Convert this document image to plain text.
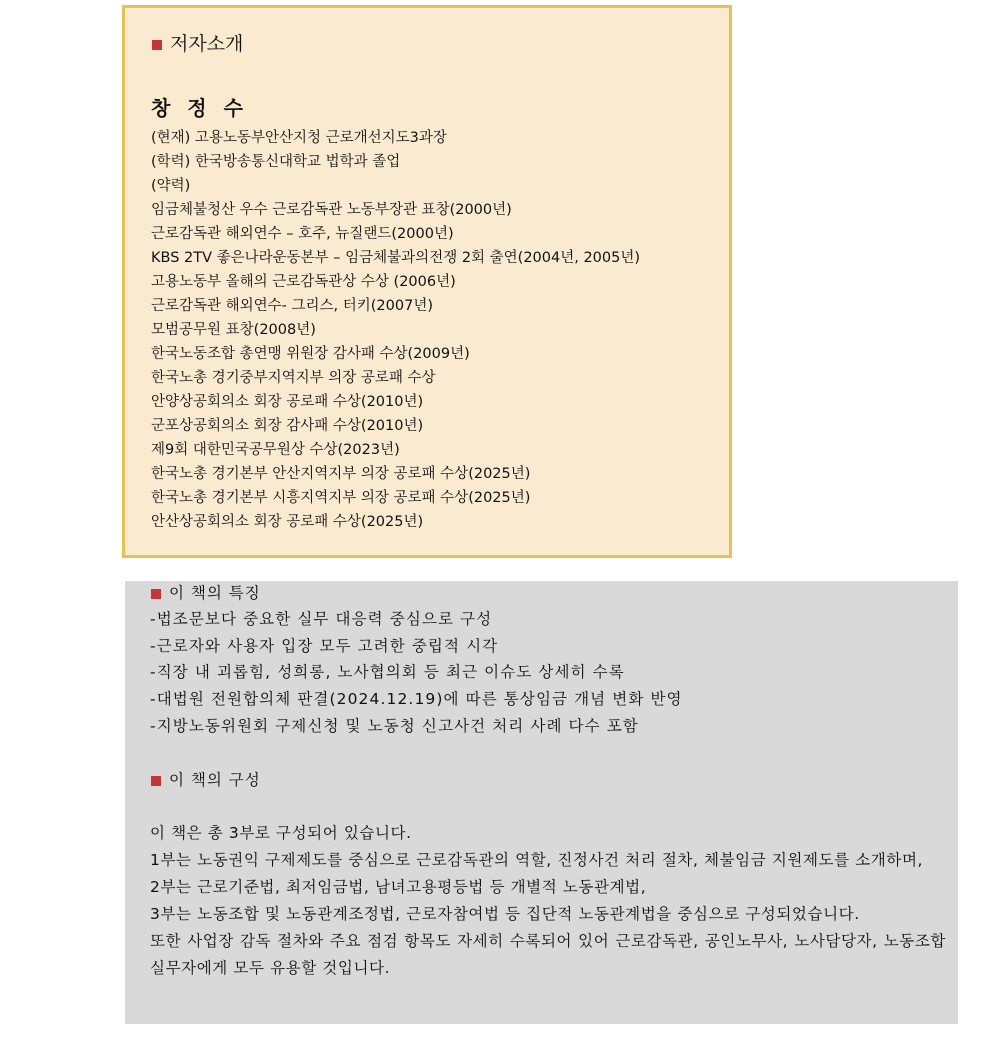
저자소개
창 정 수
(현재) 고용노동부안산지청 근로개선지도3과장
(학력) 한국방송통신대학교 법학과 졸업
(약력)
임금체불청산 우수 근로감독관 노동부장관 표창(2000년)
근로감독관 해외연수 – 호주, 뉴질랜드(2000년)
KBS 2TV 좋은나라운동본부 – 임금체불과의전쟁 2회 출연(2004년, 2005년)
고용노동부 올해의 근로감독관상 수상 (2006년)
근로감독관 해외연수- 그리스, 터키(2007년)
모범공무원 표창(2008년)
한국노동조합 총연맹 위원장 감사패 수상(2009년)
한국노총 경기중부지역지부 의장 공로패 수상
안양상공회의소 회장 공로패 수상(2010년)
군포상공회의소 회장 감사패 수상(2010년)
제9회 대한민국공무원상 수상(2023년)
한국노총 경기본부 안산지역지부 의장 공로패 수상(2025년)
한국노총 경기본부 시흥지역지부 의장 공로패 수상(2025년)
안산상공회의소 회장 공로패 수상(2025년)
이 책의 특징
-법조문보다 중요한 실무 대응력 중심으로 구성
-근로자와 사용자 입장 모두 고려한 중립적 시각
-직장 내 괴롭힘, 성희롱, 노사협의회 등 최근 이슈도 상세히 수록
-대법원 전원합의체 판결(2024.12.19)에 따른 통상임금 개념 변화 반영
-지방노동위원회 구제신청 및 노동청 신고사건 처리 사례 다수 포함
이 책의 구성

이 책은 총 3부로 구성되어 있습니다.

1부는 노동권익 구제제도를 중심으로 근로감독관의 역할, 진정사건 처리 절차, 체불임금 지원제도를 소개하며,

2부는 근로기준법, 최저임금법, 남녀고용평등법 등 개별적 노동관계법,

3부는 노동조합 및 노동관계조정법, 근로자참여법 등 집단적 노동관계법을 중심으로 구성되었습니다.

또한 사업장 감독 절차와 주요 점검 항목도 자세히 수록되어 있어 근로감독관, 공인노무사, 노사담당자, 노동조합 실무자에게 모두 유용할 것입니다.
